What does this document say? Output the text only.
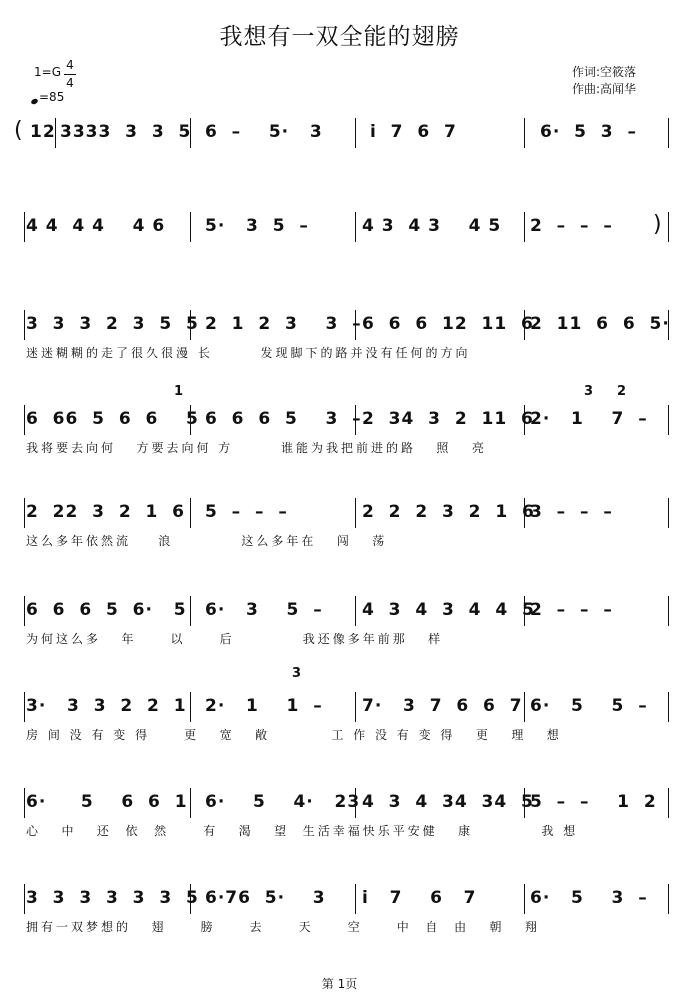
我想有一双全能的翅膀
1=G 4
4
=85
作词:空筱落
作曲:高闻华
12 3333  3  3  5 6  –    5·   3	i  7  6  7	6·  5  3  –
(
4 4  4 4    4 6 5·   3  5  –	4 3  4 3    4 5 2  –  –  – )
3  3  3  2  3  5  5 2  1  2  3    3  – 6  6  6  12  11  6
2  11  6  6  5·
迷迷糊糊的走了很久很漫 长       发现脚下的路并没有任何的方向
6  66  5  6  6    5 6  6  6  5    3  – 2  34  3  2  11  6
2·   1    7  –
我将要去向何   方要去向何 方       谁能为我把前进的路   照   亮
1	3 2
2  22  3  2  1  6 5  –  –  –	2  2  2  3  2  1  6
3  –  –  –
这么多年依然流    浪          这么多年在   闯   荡
6  6  6  5  6·   5 6·   3    5  – 4  3  4  3  4  4  5
2  –  –  –
为何这么多   年     以     后          我还像多年前那   样
3·   3  3  2  2  1 2·   1    1  – 7·   3  7  6  6  7 6·   5    5  –
房 间 没 有 变 得     更   宽   敞         工 作 没 有 变 得   更   理   想
3
6·     5    6  6  1 6·    5    4·   23 4  3  4  34  34  5
5  –  –    1  2
心   中   还  依  然     有   渴   望  生活幸福快乐平安健   康          我 想
3  3  3  3  3  3  5 6·76  5·    3 i   7    6   7	6·   5    3  –
拥有一双梦想的   翅     膀     去     天     空     中  自  由   朝   翔
第 1页
